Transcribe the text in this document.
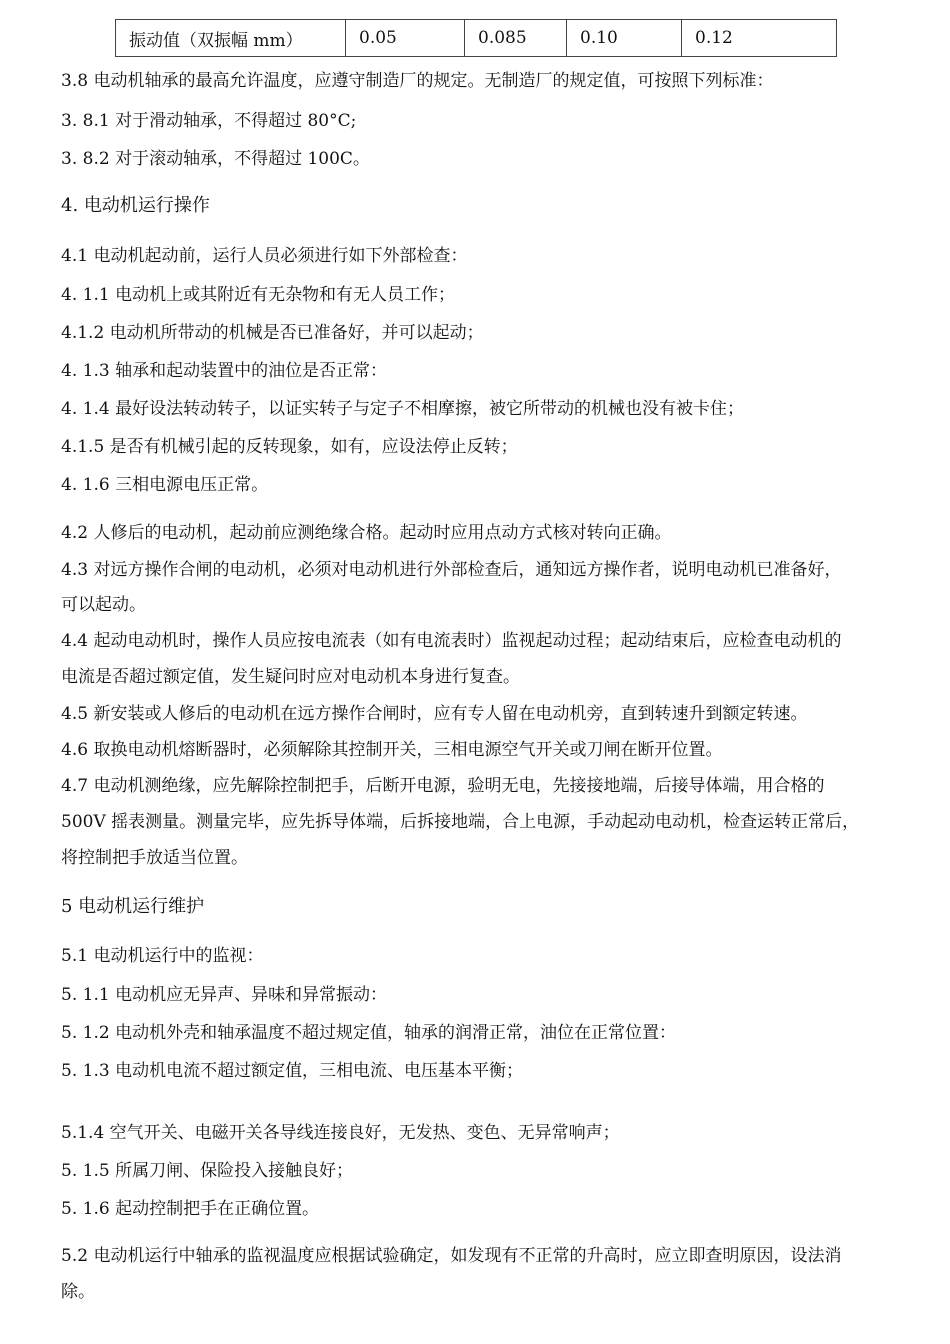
振动值（双振幅 mm）	0.05	0.085	0.10	0.12
3.8 电动机轴承的最高允许温度，应遵守制造厂的规定。无制造厂的规定值，可按照下列标准：
3. 8.1 对于滑动轴承，不得超过 80°C;
3. 8.2 对于滚动轴承，不得超过 100C。
4. 电动机运行操作
4.1 电动机起动前，运行人员必须进行如下外部检查：
4. 1.1 电动机上或其附近有无杂物和有无人员工作；
4.1.2 电动机所带动的机械是否已准备好，并可以起动；
4. 1.3 轴承和起动装置中的油位是否正常：
4. 1.4 最好设法转动转子，以证实转子与定子不相摩擦，被它所带动的机械也没有被卡住；
4.1.5 是否有机械引起的反转现象，如有，应设法停止反转；
4. 1.6 三相电源电压正常。
4.2 人修后的电动机，起动前应测绝缘合格。起动时应用点动方式核对转向正确。
4.3 对远方操作合闸的电动机，必须对电动机进行外部检查后，通知远方操作者，说明电动机已准备好，
可以起动。
4.4 起动电动机时，操作人员应按电流表（如有电流表时）监视起动过程；起动结束后，应检查电动机的
电流是否超过额定值，发生疑问时应对电动机本身进行复查。
4.5 新安装或人修后的电动机在远方操作合闸时，应有专人留在电动机旁，直到转速升到额定转速。
4.6 取换电动机熔断器时，必须解除其控制开关，三相电源空气开关或刀闸在断开位置。
4.7 电动机测绝缘，应先解除控制把手，后断开电源，验明无电，先接接地端，后接导体端，用合格的
500V 摇表测量。测量完毕，应先拆导体端，后拆接地端，合上电源，手动起动电动机，检查运转正常后，
将控制把手放适当位置。
5 电动机运行维护
5.1 电动机运行中的监视：
5. 1.1 电动机应无异声、异味和异常振动：
5. 1.2 电动机外壳和轴承温度不超过规定值，轴承的润滑正常，油位在正常位置：
5. 1.3 电动机电流不超过额定值，三相电流、电压基本平衡；
5.1.4 空气开关、电磁开关各导线连接良好，无发热、变色、无异常响声；
5. 1.5 所属刀闸、保险投入接触良好；
5. 1.6 起动控制把手在正确位置。
5.2 电动机运行中轴承的监视温度应根据试验确定，如发现有不正常的升高时，应立即查明原因，设法消
除。
